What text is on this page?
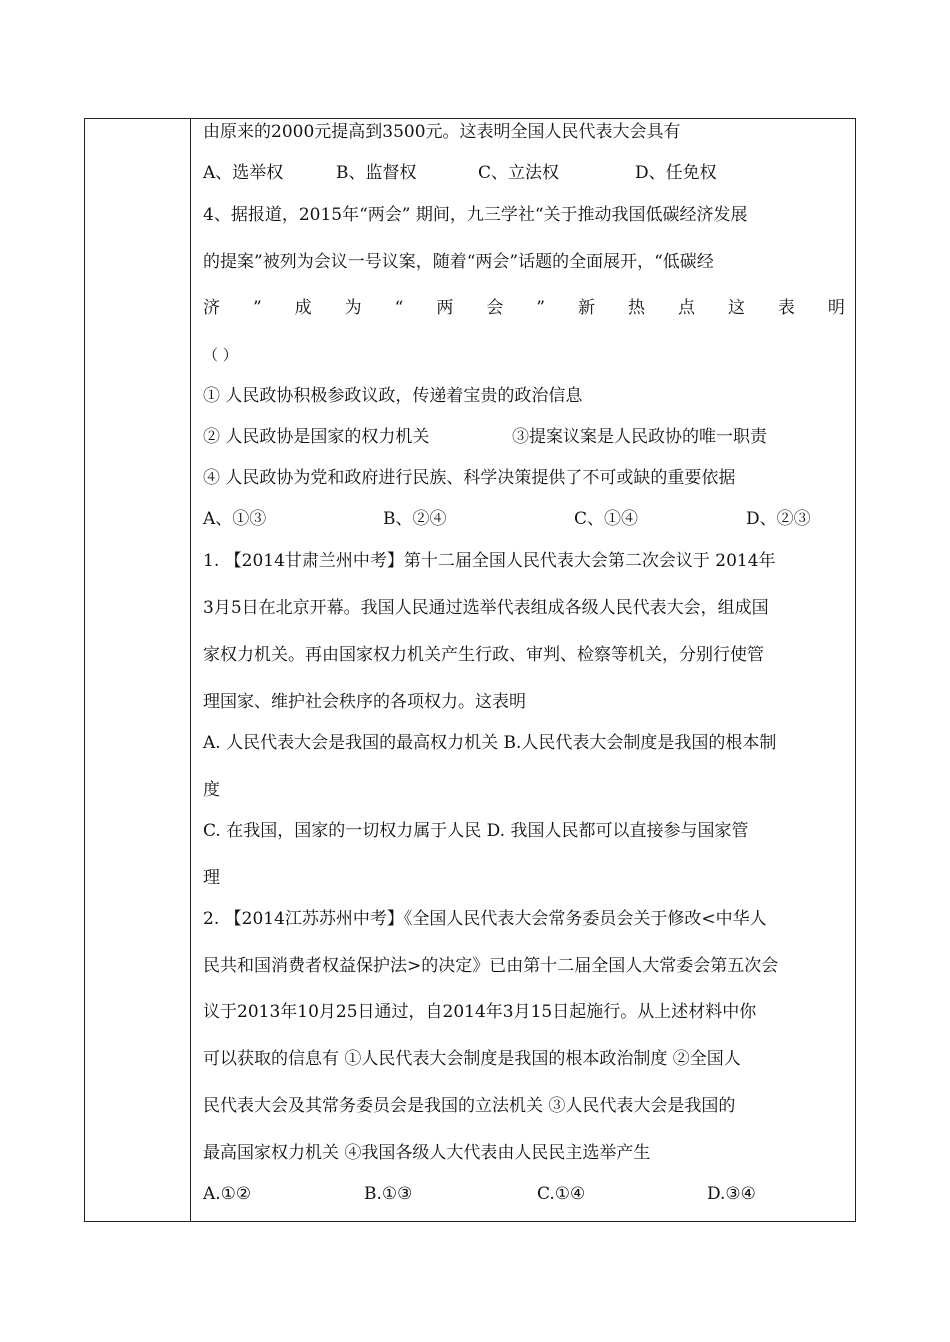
由原来的2000元提高到3500元。这表明全国人民代表大会具有
A、选举权	B、监督权	C、立法权	D、任免权
4、据报道，2015年“两会” 期间，九三学社“关于推动我国低碳经济发展
的提案”被列为会议一号议案，随着“两会”话题的全面展开，“低碳经
济 ” 成 为 “ 两 会 ” 新 热 点 这 表 明
（ ）
① 人民政协积极参政议政，传递着宝贵的政治信息
② 人民政协是国家的权力机关	③提案议案是人民政协的唯一职责
④ 人民政协为党和政府进行民族、科学决策提供了不可或缺的重要依据
A、①③	B、②④	C、①④	D、②③
1. 【2014甘肃兰州中考】第十二届全国人民代表大会第二次会议于 2014年
3月5日在北京开幕。我国人民通过选举代表组成各级人民代表大会，组成国
家权力机关。再由国家权力机关产生行政、审判、检察等机关，分别行使管
理国家、维护社会秩序的各项权力。这表明
A. 人民代表大会是我国的最高权力机关 B.人民代表大会制度是我国的根本制
度
C. 在我国，国家的一切权力属于人民 D. 我国人民都可以直接参与国家管
理
2. 【2014江苏苏州中考】《全国人民代表大会常务委员会关于修改<中华人
民共和国消费者权益保护法>的决定》已由第十二届全国人大常委会第五次会
议于2013年10月25日通过，自2014年3月15日起施行。从上述材料中你
可以获取的信息有 ①人民代表大会制度是我国的根本政治制度 ②全国人
民代表大会及其常务委员会是我国的立法机关 ③人民代表大会是我国的
最高国家权力机关 ④我国各级人大代表由人民民主选举产生
A.①②	B.①③	C.①④	D.③④
